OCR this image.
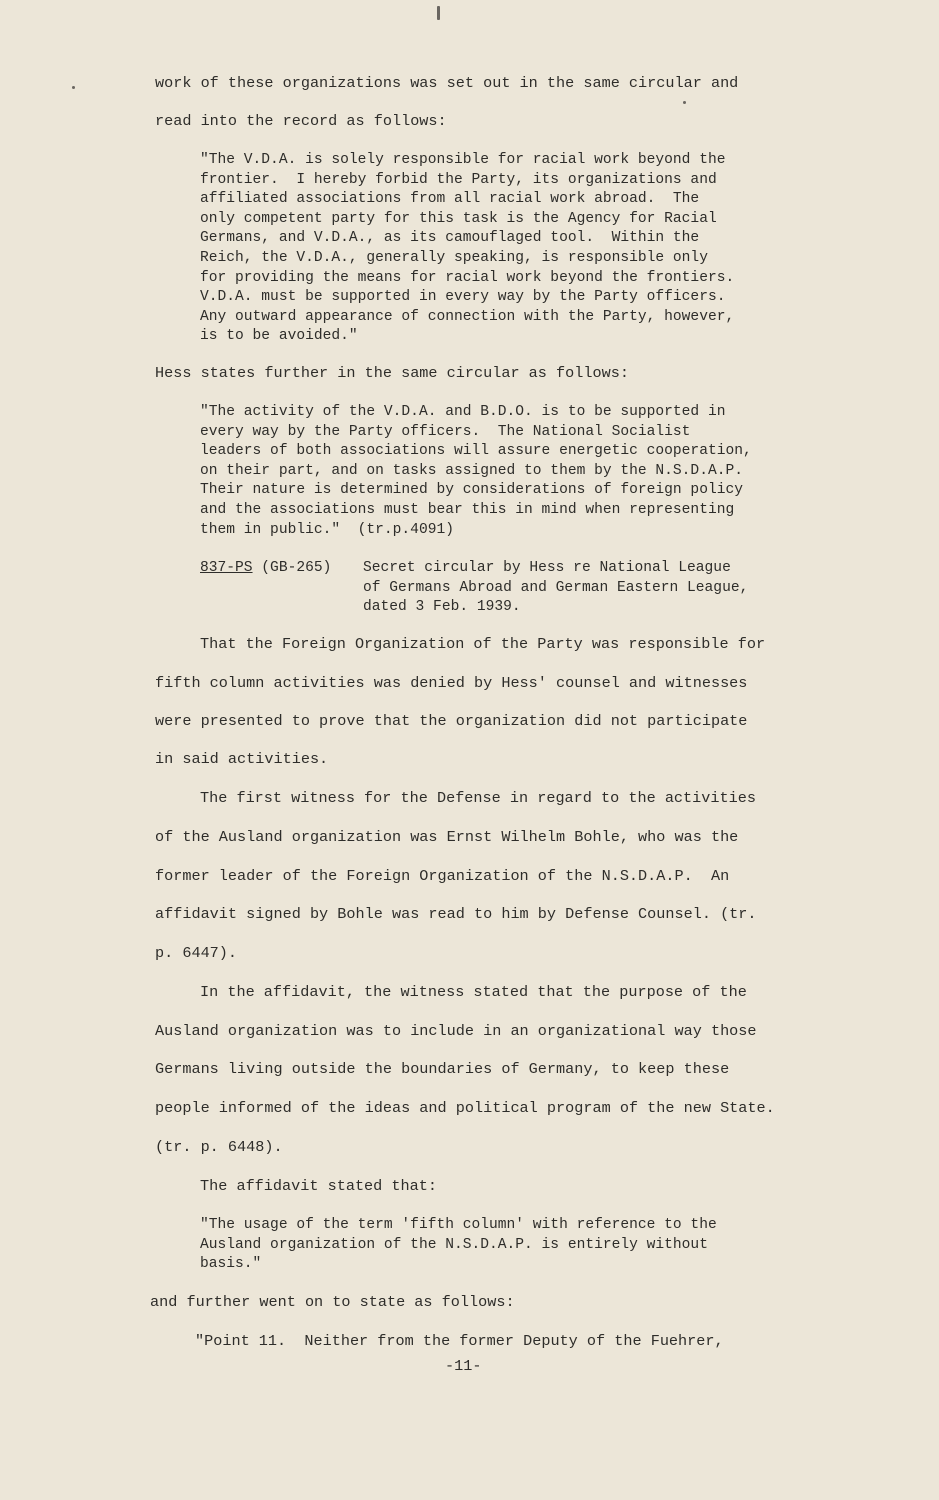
work of these organizations was set out in the same circular and
read into the record as follows:
"The V.D.A. is solely responsible for racial work beyond the
frontier.  I hereby forbid the Party, its organizations and
affiliated associations from all racial work abroad.  The
only competent party for this task is the Agency for Racial
Germans, and V.D.A., as its camouflaged tool.  Within the
Reich, the V.D.A., generally speaking, is responsible only
for providing the means for racial work beyond the frontiers.
V.D.A. must be supported in every way by the Party officers.
Any outward appearance of connection with the Party, however,
is to be avoided."
Hess states further in the same circular as follows:
"The activity of the V.D.A. and B.D.O. is to be supported in
every way by the Party officers.  The National Socialist
leaders of both associations will assure energetic cooperation,
on their part, and on tasks assigned to them by the N.S.D.A.P.
Their nature is determined by considerations of foreign policy
and the associations must bear this in mind when representing
them in public."  (tr.p.4091)
837-PS (GB-265) Secret circular by Hess re National League
of Germans Abroad and German Eastern League,
dated 3 Feb. 1939.
That the Foreign Organization of the Party was responsible for
fifth column activities was denied by Hess' counsel and witnesses
were presented to prove that the organization did not participate
in said activities.
The first witness for the Defense in regard to the activities
of the Ausland organization was Ernst Wilhelm Bohle, who was the
former leader of the Foreign Organization of the N.S.D.A.P.  An
affidavit signed by Bohle was read to him by Defense Counsel. (tr.
p. 6447).
In the affidavit, the witness stated that the purpose of the
Ausland organization was to include in an organizational way those
Germans living outside the boundaries of Germany, to keep these
people informed of the ideas and political program of the new State.
(tr. p. 6448).
The affidavit stated that:
"The usage of the term 'fifth column' with reference to the
Ausland organization of the N.S.D.A.P. is entirely without
basis."
and further went on to state as follows:
"Point 11.  Neither from the former Deputy of the Fuehrer,
-11-
